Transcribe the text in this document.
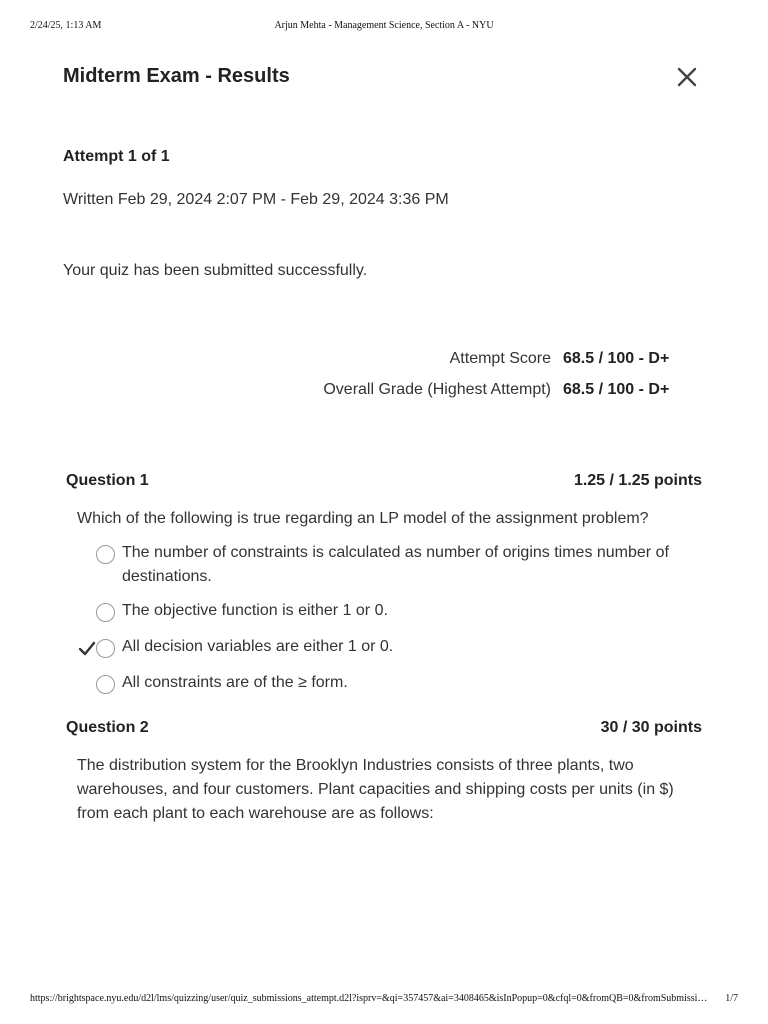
2/24/25, 1:13 AM	Arjun Mehta - Management Science, Section A - NYU
Midterm Exam - Results
Attempt 1 of 1
Written Feb 29, 2024 2:07 PM - Feb 29, 2024 3:36 PM
Your quiz has been submitted successfully.
Attempt Score 68.5 / 100 - D+
Overall Grade (Highest Attempt) 68.5 / 100 - D+
Question 1	1.25 / 1.25 points
Which of the following is true regarding an LP model of the assignment problem?
The number of constraints is calculated as number of origins times number of destinations.
The objective function is either 1 or 0.
All decision variables are either 1 or 0.
All constraints are of the ≥ form.
Question 2	30 / 30 points
The distribution system for the Brooklyn Industries consists of three plants, two warehouses, and four customers. Plant capacities and shipping costs per units (in $) from each plant to each warehouse are as follows:
https://brightspace.nyu.edu/d2l/lms/quizzing/user/quiz_submissions_attempt.d2l?isprv=&qi=357457&ai=3408465&isInPopup=0&cfql=0&fromQB=0&fromSubmissi…	1/7
